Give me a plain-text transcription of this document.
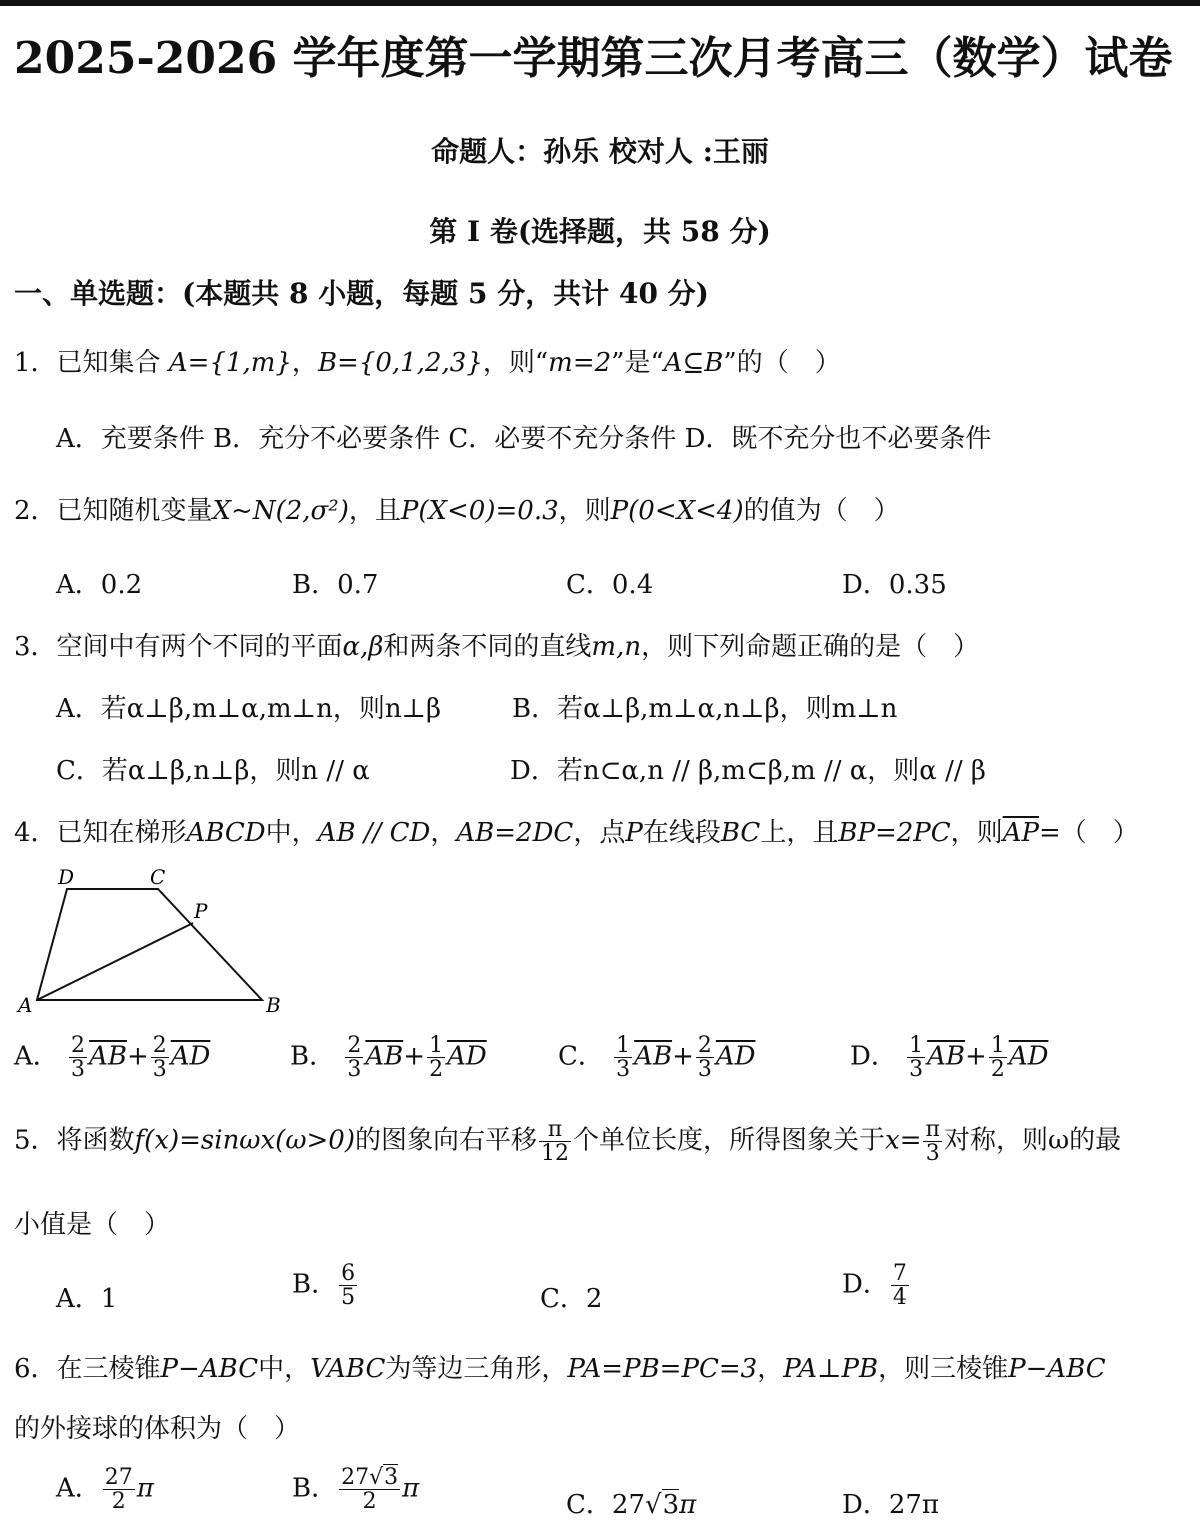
2025-2026 学年度第一学期第三次月考高三（数学）试卷
命题人：孙乐 校对人 :王丽
第 I 卷(选择题，共 58 分)
一、单选题：(本题共 8 小题，每题 5 分，共计 40 分)
1．已知集合 A={1,m}，B={0,1,2,3}，则“m=2”是“A⊆B”的（　）
A．充要条件 B．充分不必要条件 C．必要不充分条件 D．既不充分也不必要条件
2．已知随机变量X~N(2,σ²)，且P(X<0)=0.3，则P(0<X<4)的值为（　）
A．0.2	B．0.7	C．0.4	D．0.35
3．空间中有两个不同的平面α,β和两条不同的直线m,n，则下列命题正确的是（　）
A．若α⊥β,m⊥α,m⊥n，则n⊥β	B．若α⊥β,m⊥α,n⊥β，则m⊥n
C．若α⊥β,n⊥β，则n // α	D．若n⊂α,n // β,m⊂β,m // α，则α // β
4．已知在梯形ABCD中，AB // CD，AB=2DC，点P在线段BC上，且BP=2PC，则$\overline{AP}=$（　）
D	C
P
A	B
A． $\frac{2}{3} \overline{AB}+ \frac{2}{3} \overline{AD}$	B． $\frac{2}{3} \overline{AB}+ \frac{1}{2} \overline{AD}$	C． $\frac{1}{3} \overline{AB}+ \frac{2}{3} \overline{AD}$	D． $\frac{1}{3} \overline{AB}+ \frac{1}{2} \overline{AD}$
5．将函数f(x)=sinωx(ω>0)的图象向右平移 $\frac{\pi}{12}$ 个单位长度，所得图象关于$x= \frac{\pi}{3}$ 对称，则ω的最
小值是（　）
A．1	B． $\frac{6}{5}$	C．2	D． $\frac{7}{4}$
6．在三棱锥P−ABC中，VABC为等边三角形，PA=PB=PC=3，PA⊥PB，则三棱锥P−ABC
的外接球的体积为（　）
A． $\frac{27}{2}$ π	B． $\frac{27√3}{2}$ π
C．27√3π	D．27π
